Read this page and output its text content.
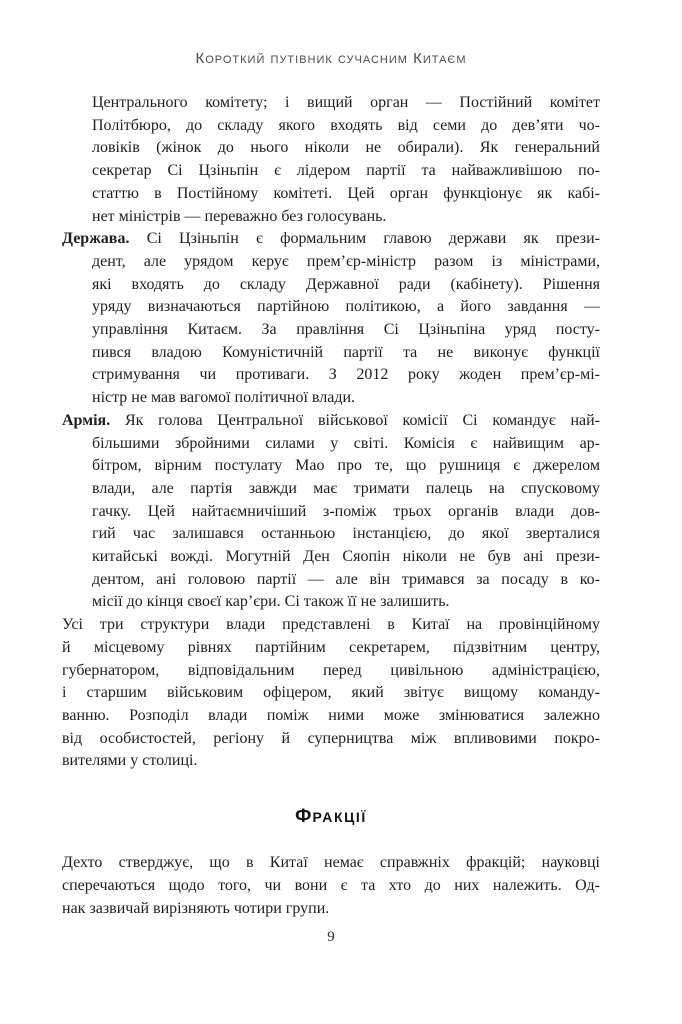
Короткий путівник сучасним Китаєм
Центрального комітету; і вищий орган — Постійний комітет
Політбюро, до складу якого входять від семи до дев’яти чо-
ловіків (жінок до нього ніколи не обирали). Як генеральний
секретар Сі Цзіньпін є лідером партії та найважливішою по-
статтю в Постійному комітеті. Цей орган функціонує як кабі-
нет міністрів — переважно без голосувань.
Держава. Сі Цзіньпін є формальним главою держави як прези-
дент, але урядом керує прем’єр-міністр разом із міністрами,
які входять до складу Державної ради (кабінету). Рішення
уряду визначаються партійною політикою, а його завдання —
управління Китаєм. За правління Сі Цзіньпіна уряд посту-
пився владою Комуністичній партії та не виконує функції
стримування чи противаги. З 2012 року жоден прем’єр-мі-
ністр не мав вагомої політичної влади.
Армія. Як голова Центральної військової комісії Сі командує най-
більшими збройними силами у світі. Комісія є найвищим ар-
бітром, вірним постулату Мао про те, що рушниця є джерелом
влади, але партія завжди має тримати палець на спусковому
гачку. Цей найтаємничіший з-поміж трьох органів влади дов-
гий час залишався останньою інстанцією, до якої зверталися
китайські вожді. Могутній Ден Сяопін ніколи не був ані прези-
дентом, ані головою партії — але він тримався за посаду в ко-
місії до кінця своєї кар’єри. Сі також її не залишить.
Усі три структури влади представлені в Китаї на провінційному
й місцевому рівнях партійним секретарем, підзвітним центру,
губернатором, відповідальним перед цивільною адміністрацією,
і старшим військовим офіцером, який звітує вищому команду-
ванню. Розподіл влади поміж ними може змінюватися залежно
від особистостей, регіону й суперництва між впливовими покро-
вителями у столиці.
ФРАКЦІЇ
Дехто стверджує, що в Китаї немає справжніх фракцій; науковці
сперечаються щодо того, чи вони є та хто до них належить. Од-
нак зазвичай вирізняють чотири групи.
9
